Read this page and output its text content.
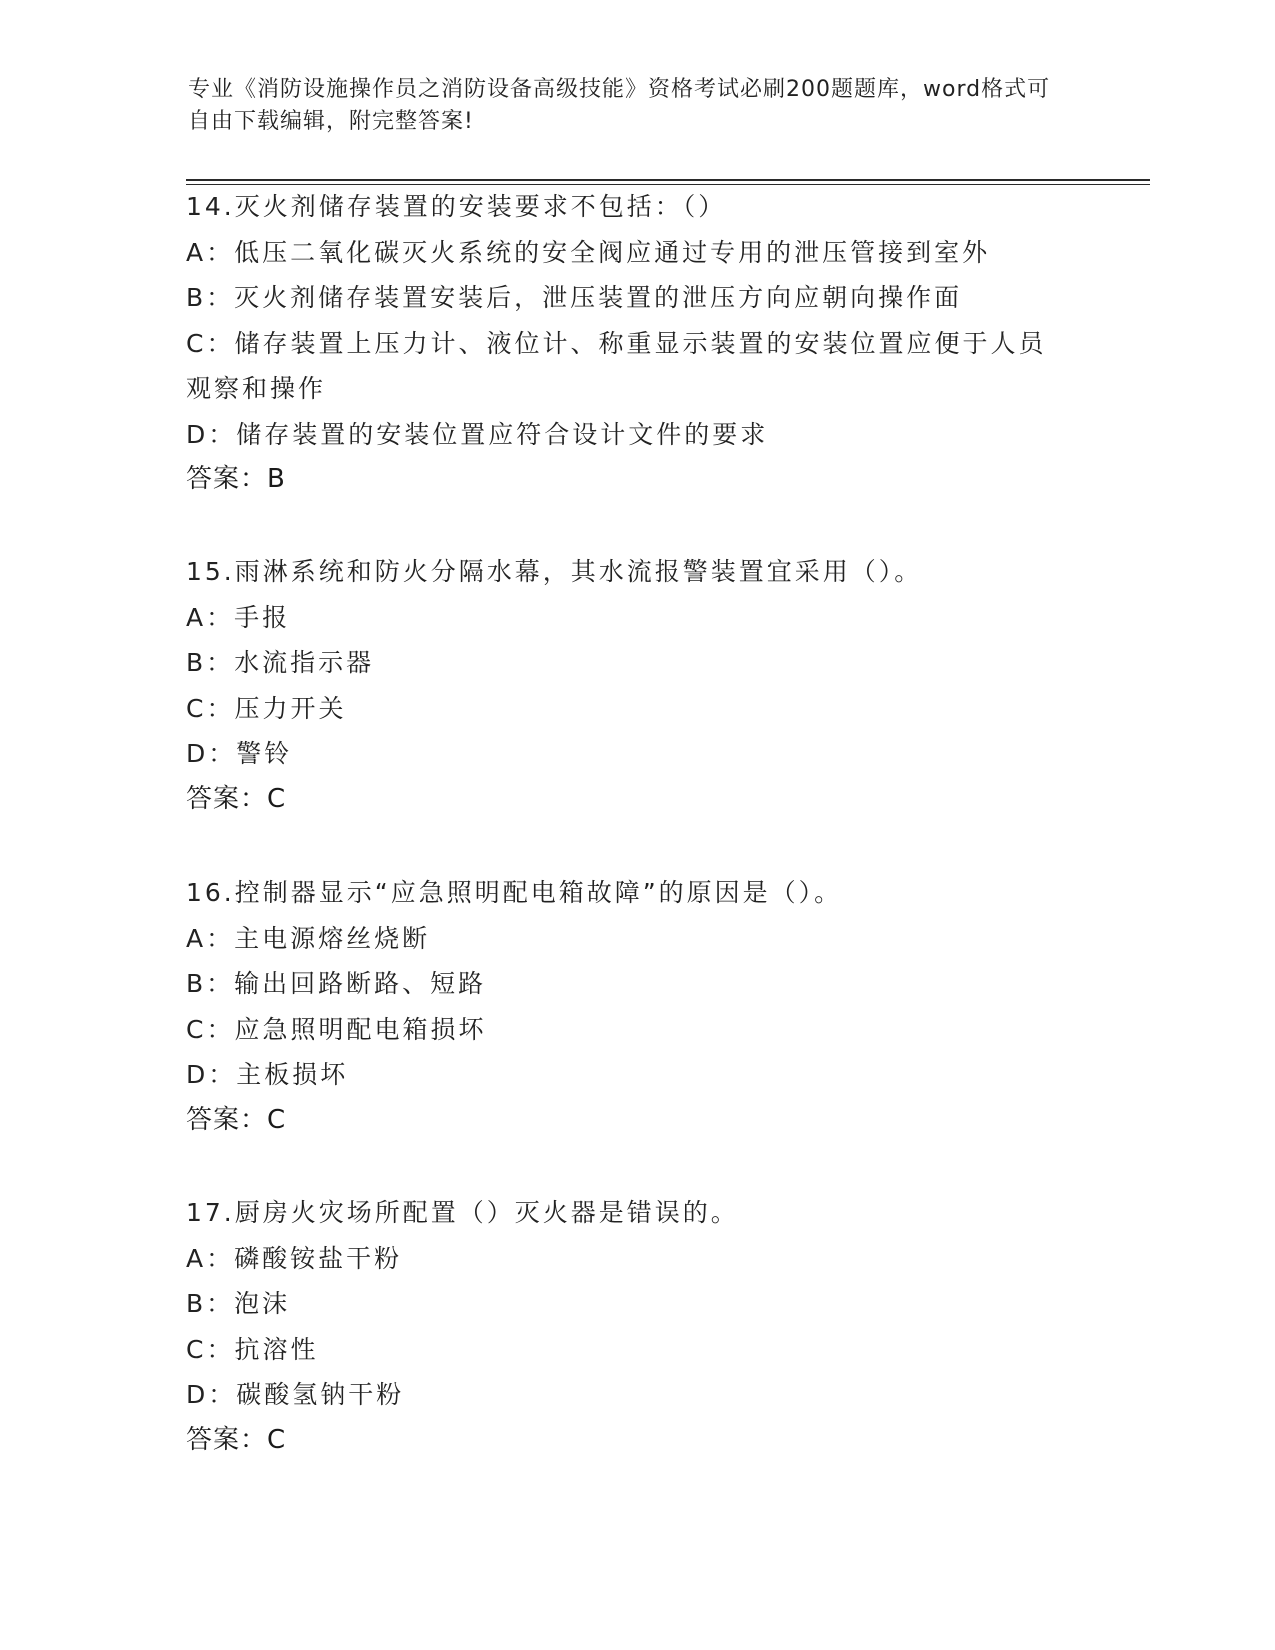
专业《消防设施操作员之消防设备高级技能》资格考试必刷200题题库，word格式可自由下载编辑，附完整答案!
14.灭火剂储存装置的安装要求不包括：（）
A：低压二氧化碳灭火系统的安全阀应通过专用的泄压管接到室外
B：灭火剂储存装置安装后，泄压装置的泄压方向应朝向操作面
C：储存装置上压力计、液位计、称重显示装置的安装位置应便于人员观察和操作
D：储存装置的安装位置应符合设计文件的要求
答案：B
15.雨淋系统和防火分隔水幕，其水流报警装置宜采用（）。
A：手报
B：水流指示器
C：压力开关
D：警铃
答案：C
16.控制器显示“应急照明配电箱故障”的原因是（）。
A：主电源熔丝烧断
B：输出回路断路、短路
C：应急照明配电箱损坏
D：主板损坏
答案：C
17.厨房火灾场所配置（）灭火器是错误的。
A：磷酸铵盐干粉
B：泡沫
C：抗溶性
D：碳酸氢钠干粉
答案：C
